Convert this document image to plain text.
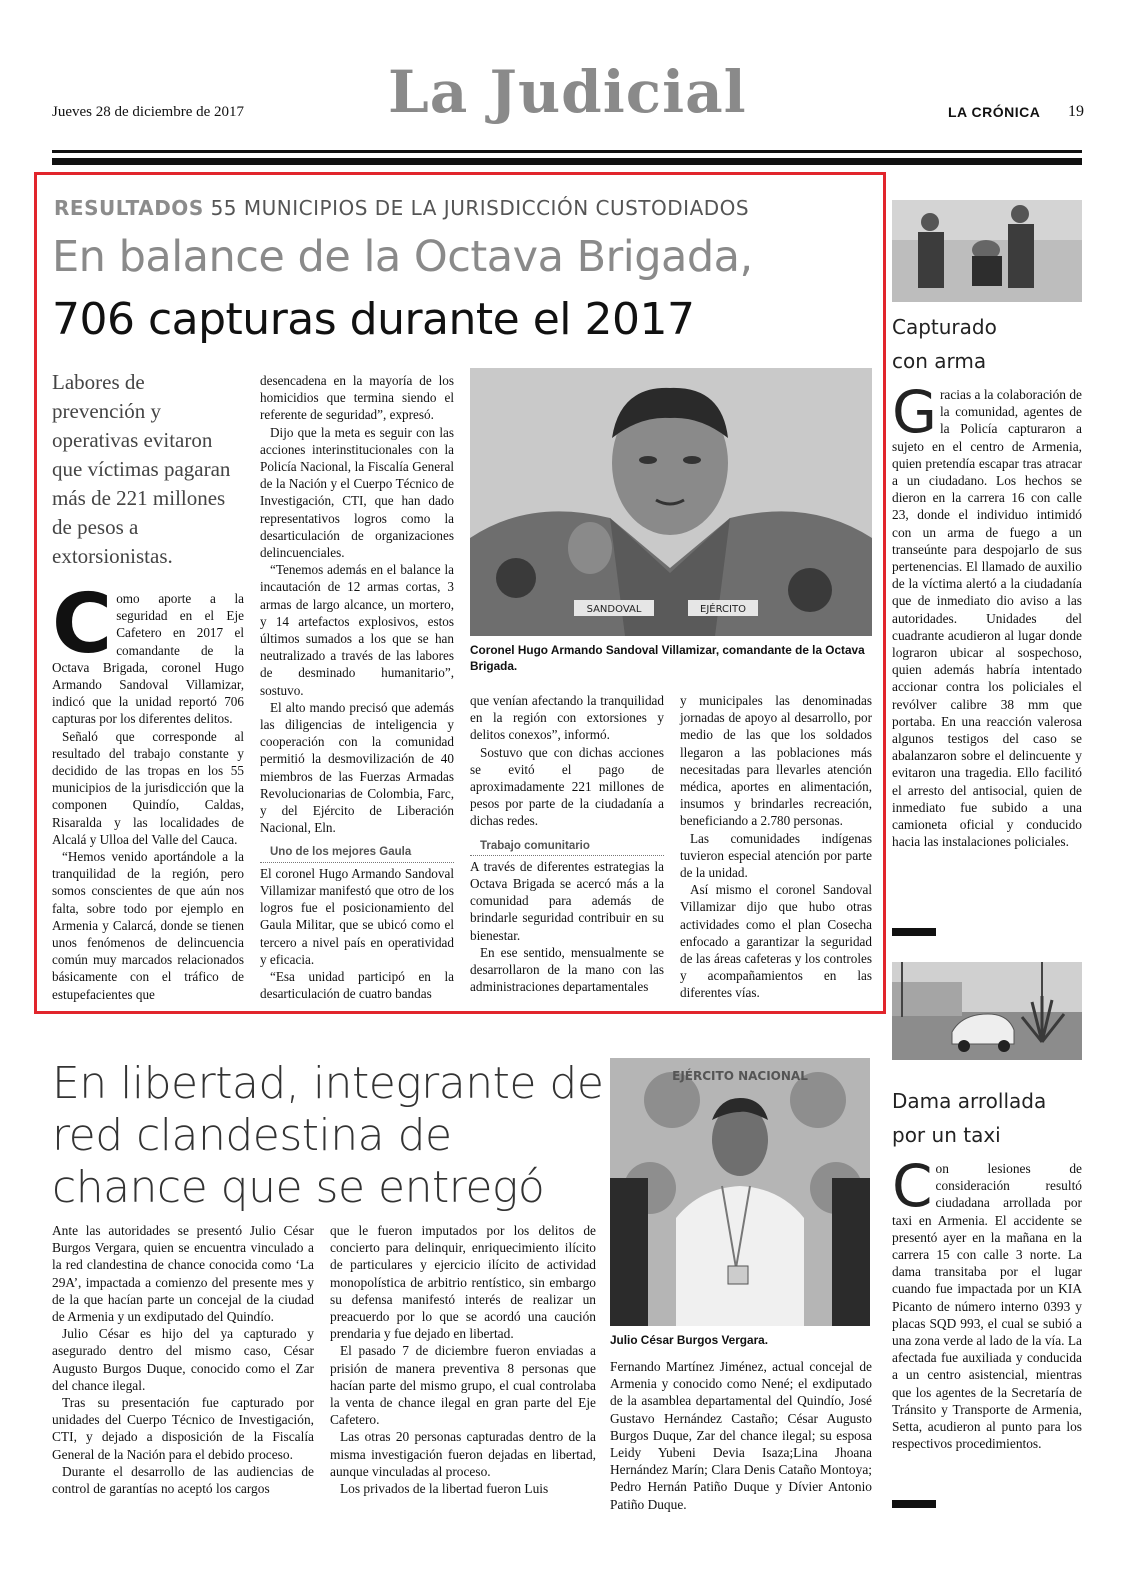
Jueves 28 de diciembre de 2017 La Judicial	LA CRÓNICA 19
RESULTADOS 55 MUNICIPIOS DE LA JURISDICCIÓN CUSTODIADOS
En balance de la Octava Brigada,
706 capturas durante el 2017
Labores de prevención y operativas evitaron que víctimas pagaran más de 221 millones de pesos a extorsionistas.

Como aporte a la seguridad en el Eje Cafetero en 2017 el comandante de la Octava Brigada, coronel Hugo Armando Sandoval Villamizar, indicó que la unidad reportó 706 capturas por los diferentes delitos.

Señaló que corresponde al resultado del trabajo constante y decidido de las tropas en los 55 municipios de la jurisdicción que la componen Quindío, Caldas, Risaralda y las localidades de Alcalá y Ulloa del Valle del Cauca.

“Hemos venido aportándole a la tranquilidad de la región, pero somos conscientes de que aún nos falta, sobre todo por ejemplo en Armenia y Calarcá, donde se tienen unos fenómenos de delincuencia común muy marcados relacionados básicamente con el tráfico de estupefacientes que

desencadena en la mayoría de los homicidios que termina siendo el referente de seguridad”, expresó.

Dijo que la meta es seguir con las acciones interinstitucionales con la Policía Nacional, la Fiscalía General de la Nación y el Cuerpo Técnico de Investigación, CTI, que han dado representativos logros como la desarticulación de organizaciones delincuenciales.

“Tenemos además en el balance la incautación de 12 armas cortas, 3 armas de largo alcance, un mortero, y 14 artefactos explosivos, estos últimos sumados a los que se han neutralizado a través de las labores de desminado humanitario”, sostuvo.

El alto mando precisó que además las diligencias de inteligencia y cooperación con la comunidad permitió la desmovilización de 40 miembros de las Fuerzas Armadas Revolucionarias de Colombia, Farc, y del Ejército de Liberación Nacional, Eln.

Uno de los mejores Gaula

El coronel Hugo Armando Sandoval Villamizar manifestó que otro de los logros fue el posicionamiento del Gaula Militar, que se ubicó como el tercero a nivel país en operatividad y eficacia.

“Esa unidad participó en la desarticulación de cuatro bandas

EJÉRCITO
SANDOVAL
Coronel Hugo Armando Sandoval Villamizar, comandante de la Octava Brigada.

que venían afectando la tranquilidad en la región con extorsiones y delitos conexos”, informó.

Sostuvo que con dichas acciones se evitó el pago de aproximadamente 221 millones de pesos por parte de la ciudadanía a dichas redes.

Trabajo comunitario

A través de diferentes estrategias la Octava Brigada se acercó más a la comunidad para además de brindarle seguridad contribuir en su bienestar.

En ese sentido, mensualmente se desarrollaron de la mano con las administraciones departamentales

y municipales las denominadas jornadas de apoyo al desarrollo, por medio de las que los soldados llegaron a las poblaciones más necesitadas para llevarles atención médica, aportes en alimentación, insumos y brindarles recreación, beneficiando a 2.780 personas.

Las comunidades indígenas tuvieron especial atención por parte de la unidad.

Así mismo el coronel Sandoval Villamizar dijo que hubo otras actividades como el plan Cosecha enfocado a garantizar la seguridad de las áreas cafeteras y los controles y acompañamientos en las diferentes vías.

Capturado
con arma

Gracias a la colaboración de la comunidad, agentes de la Policía capturaron a sujeto en el centro de Armenia, quien pretendía escapar tras atracar a un ciudadano. Los hechos se dieron en la carrera 16 con calle 23, donde el individuo intimidó con un arma de fuego a un transeúnte para despojarlo de sus pertenencias. El llamado de auxilio de la víctima alertó a la ciudadanía que de inmediato dio aviso a las autoridades. Unidades del cuadrante acudieron al lugar donde lograron ubicar al sospechoso, quien además habría intentado accionar contra los policiales el revólver calibre 38 mm que portaba. En una reacción valerosa algunos testigos del caso se abalanzaron sobre el delincuente y evitaron una tragedia. Ello facilitó el arresto del antisocial, quien de inmediato fue subido a una camioneta oficial y conducido hacia las instalaciones policiales.

Dama arrollada
por un taxi

Con lesiones de consideración resultó ciudadana arrollada por taxi en Armenia. El accidente se presentó ayer en la mañana en la carrera 15 con calle 3 norte. La dama transitaba por el lugar cuando fue impactada por un KIA Picanto de número interno 0393 y placas SQD 993, el cual se subió a una zona verde al lado de la vía. La afectada fue auxiliada y conducida a un centro asistencial, mientras que los agentes de la Secretaría de Tránsito y Transporte de Armenia, Setta, acudieron al punto para los respectivos procedimientos.

En libertad, integrante de red clandestina de chance que se entregó

Ante las autoridades se presentó Julio César Burgos Vergara, quien se encuentra vinculado a la red clandestina de chance conocida como ‘La 29A’, impactada a comienzo del presente mes y de la que hacían parte un concejal de la ciudad de Armenia y un exdiputado del Quindío.

Julio César es hijo del ya capturado y asegurado dentro del mismo caso, César Augusto Burgos Duque, conocido como el Zar del chance ilegal.

Tras su presentación fue capturado por unidades del Cuerpo Técnico de Investigación, CTI, y dejado a disposición de la Fiscalía General de la Nación para el debido proceso.

Durante el desarrollo de las audiencias de control de garantías no aceptó los cargos

que le fueron imputados por los delitos de concierto para delinquir, enriquecimiento ilícito de particulares y ejercicio ilícito de actividad monopolística de arbitrio rentístico, sin embargo su defensa manifestó interés de realizar un preacuerdo por lo que se acordó una caución prendaria y fue dejado en libertad.

El pasado 7 de diciembre fueron enviadas a prisión de manera preventiva 8 personas que hacían parte del mismo grupo, el cual controlaba la venta de chance ilegal en gran parte del Eje Cafetero.

Las otras 20 personas capturadas dentro de la misma investigación fueron dejadas en libertad, aunque vinculadas al proceso.

Los privados de la libertad fueron Luis

EJÉRCITO NACIONAL
Julio César Burgos Vergara.

Fernando Martínez Jiménez, actual concejal de Armenia y conocido como Nené; el exdiputado de la asamblea departamental del Quindío, José Gustavo Hernández Castaño; César Augusto Burgos Duque, Zar del chance ilegal; su esposa Leidy Yubeni Devia Isaza;Lina Jhoana Hernández Marín; Clara Denis Cataño Montoya; Pedro Hernán Patiño Duque y Dívier Antonio Patiño Duque.
